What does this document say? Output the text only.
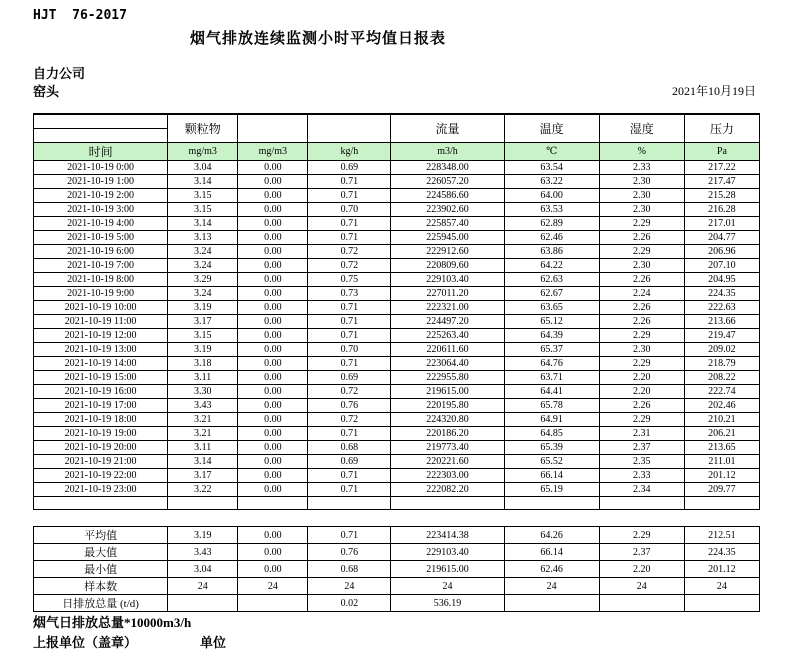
HJT  76-2017
烟气排放连续监测小时平均值日报表
自力公司
窑头	2021年10月19日
	颗粒物			流量	温度	湿度	压力

时间	mg/m3	mg/m3	kg/h	m3/h	℃	%	Pa
2021-10-19 0:00	3.04	0.00	0.69	228348.00	63.54	2.33	217.22
2021-10-19 1:00	3.14	0.00	0.71	226057.20	63.22	2.30	217.47
2021-10-19 2:00	3.15	0.00	0.71	224586.60	64.00	2.30	215.28
2021-10-19 3:00	3.15	0.00	0.70	223902.60	63.53	2.30	216.28
2021-10-19 4:00	3.14	0.00	0.71	225857.40	62.89	2.29	217.01
2021-10-19 5:00	3.13	0.00	0.71	225945.00	62.46	2.26	204.77
2021-10-19 6:00	3.24	0.00	0.72	222912.60	63.86	2.29	206.96
2021-10-19 7:00	3.24	0.00	0.72	220809.60	64.22	2.30	207.10
2021-10-19 8:00	3.29	0.00	0.75	229103.40	62.63	2.26	204.95
2021-10-19 9:00	3.24	0.00	0.73	227011.20	62.67	2.24	224.35
2021-10-19 10:00	3.19	0.00	0.71	222321.00	63.65	2.26	222.63
2021-10-19 11:00	3.17	0.00	0.71	224497.20	65.12	2.26	213.66
2021-10-19 12:00	3.15	0.00	0.71	225263.40	64.39	2.29	219.47
2021-10-19 13:00	3.19	0.00	0.70	220611.60	65.37	2.30	209.02
2021-10-19 14:00	3.18	0.00	0.71	223064.40	64.76	2.29	218.79
2021-10-19 15:00	3.11	0.00	0.69	222955.80	63.71	2.20	208.22
2021-10-19 16:00	3.30	0.00	0.72	219615.00	64.41	2.20	222.74
2021-10-19 17:00	3.43	0.00	0.76	220195.80	65.78	2.26	202.46
2021-10-19 18:00	3.21	0.00	0.72	224320.80	64.91	2.29	210.21
2021-10-19 19:00	3.21	0.00	0.71	220186.20	64.85	2.31	206.21
2021-10-19 20:00	3.11	0.00	0.68	219773.40	65.39	2.37	213.65
2021-10-19 21:00	3.14	0.00	0.69	220221.60	65.52	2.35	211.01
2021-10-19 22:00	3.17	0.00	0.71	222303.00	66.14	2.33	201.12
2021-10-19 23:00	3.22	0.00	0.71	222082.20	65.19	2.34	209.77

平均值	3.19	0.00	0.71	223414.38	64.26	2.29	212.51
最大值	3.43	0.00	0.76	229103.40	66.14	2.37	224.35
最小值	3.04	0.00	0.68	219615.00	62.46	2.20	201.12
样本数	24	24	24	24	24	24	24
日排放总量 (t/d)			0.02	536.19			
烟气日排放总量*10000m3/h
上报单位（盖章）	单位
